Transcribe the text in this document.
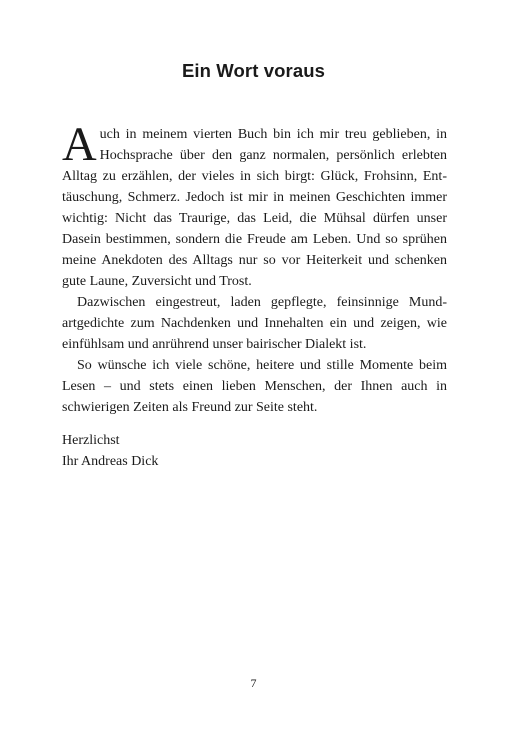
Ein Wort voraus

Auch in meinem vierten Buch bin ich mir treu geblieben, in Hochsprache über den ganz normalen, persönlich erlebten Alltag zu erzählen, der vieles in sich birgt: Glück, Frohsinn, Enttäuschung, Schmerz. Jedoch ist mir in meinen Geschichten immer wichtig: Nicht das Traurige, das Leid, die Mühsal dürfen unser Dasein bestimmen, sondern die Freude am Leben. Und so sprühen meine Anekdoten des Alltags nur so vor Heiterkeit und schenken gute Laune, Zuversicht und Trost.

Dazwischen eingestreut, laden gepflegte, feinsinnige Mundartgedichte zum Nachdenken und Innehalten ein und zeigen, wie einfühlsam und anrührend unser bairischer Dialekt ist.

So wünsche ich viele schöne, heitere und stille Momente beim Lesen – und stets einen lieben Menschen, der Ihnen auch in schwierigen Zeiten als Freund zur Seite steht.

Herzlichst
Ihr Andreas Dick
7
